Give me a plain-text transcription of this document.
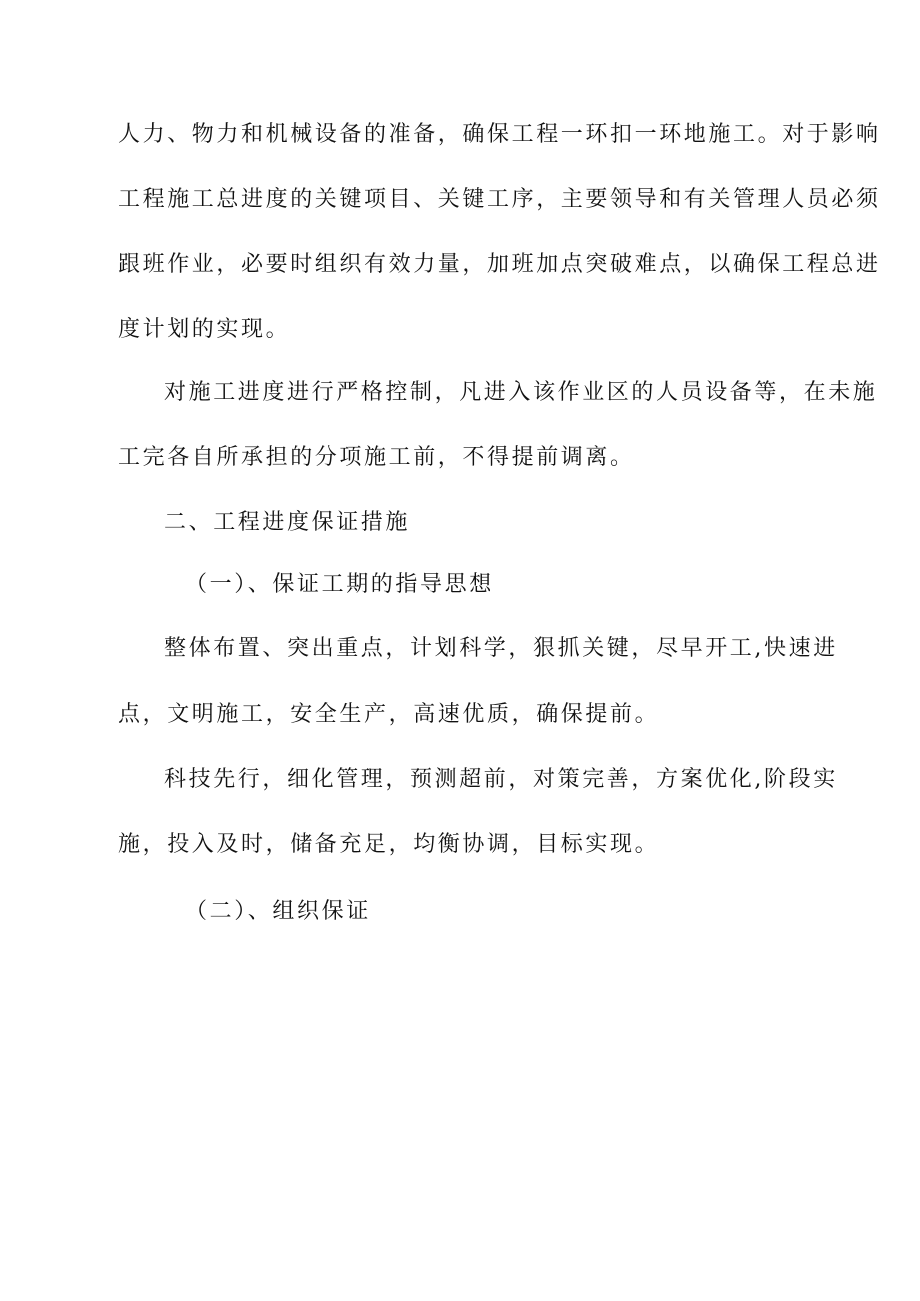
人力、物力和机械设备的准备，确保工程一环扣一环地施工。对于影响
工程施工总进度的关键项目、关键工序，主要领导和有关管理人员必须
跟班作业，必要时组织有效力量，加班加点突破难点，以确保工程总进
度计划的实现。
对施工进度进行严格控制，凡进入该作业区的人员设备等，在未施
工完各自所承担的分项施工前，不得提前调离。
二、工程进度保证措施
（一）、保证工期的指导思想
整体布置、突出重点，计划科学，狠抓关键，尽早开工,快速进
点，文明施工，安全生产，高速优质，确保提前。
科技先行，细化管理，预测超前，对策完善，方案优化,阶段实
施，投入及时，储备充足，均衡协调，目标实现。
（二）、组织保证
